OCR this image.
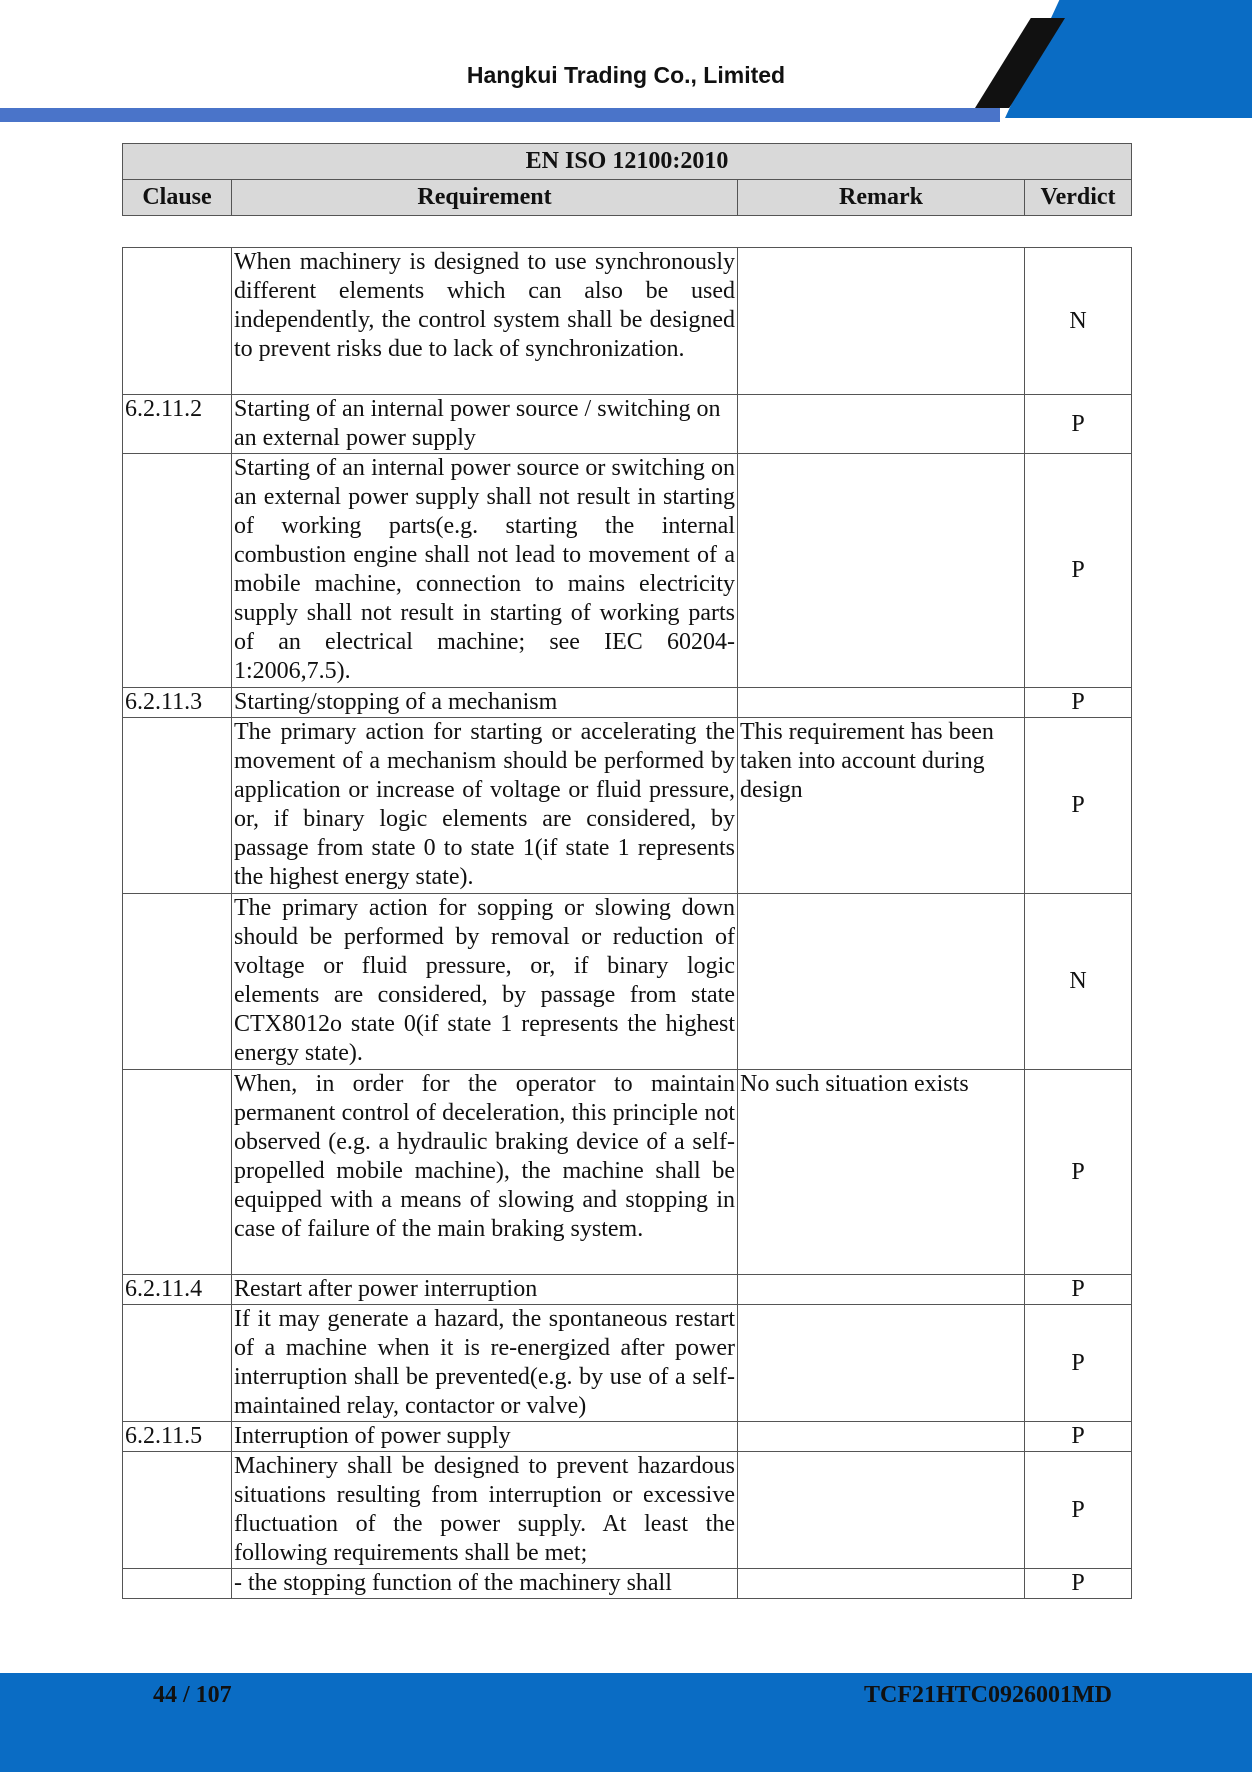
Hangkui Trading Co., Limited
EN ISO 12100:2010
Clause	Requirement	Remark	Verdict
	When machinery is designed to use synchronously different elements which can also be used independently, the control system shall be designed to prevent risks due to lack of synchronization.		N
6.2.11.2	Starting of an internal power source / switching on an external power supply		P
	Starting of an internal power source or switching on an external power supply shall not result in starting of working parts(e.g. starting the internal combustion engine shall not lead to movement of a mobile machine, connection to mains electricity supply shall not result in starting of working parts of an electrical machine; see IEC 60204-1:2006,7.5).		P
6.2.11.3	Starting/stopping of a mechanism		P
	The primary action for starting or accelerating the movement of a mechanism should be performed by application or increase of voltage or fluid pressure, or, if binary logic elements are considered, by passage from state 0 to state 1(if state 1 represents the highest energy state).	This requirement has been taken into account during design	P
	The primary action for sopping or slowing down should be performed by removal or reduction of voltage or fluid pressure, or, if binary logic elements are considered, by passage from state CTX8012o state 0(if state 1 represents the highest energy state).		N
	When, in order for the operator to maintain permanent control of deceleration, this principle not observed (e.g. a hydraulic braking device of a self-propelled mobile machine), the machine shall be equipped with a means of slowing and stopping in case of failure of the main braking system.	No such situation exists	P
6.2.11.4	Restart after power interruption		P
	If it may generate a hazard, the spontaneous restart of a machine when it is re-energized after power interruption shall be prevented(e.g. by use of a self-maintained relay, contactor or valve)		P
6.2.11.5	Interruption of power supply		P
	Machinery shall be designed to prevent hazardous situations resulting from interruption or excessive fluctuation of the power supply. At least the following requirements shall be met;		P
	- the stopping function of the machinery shall		P
44 / 107	TCF21HTC0926001MD
